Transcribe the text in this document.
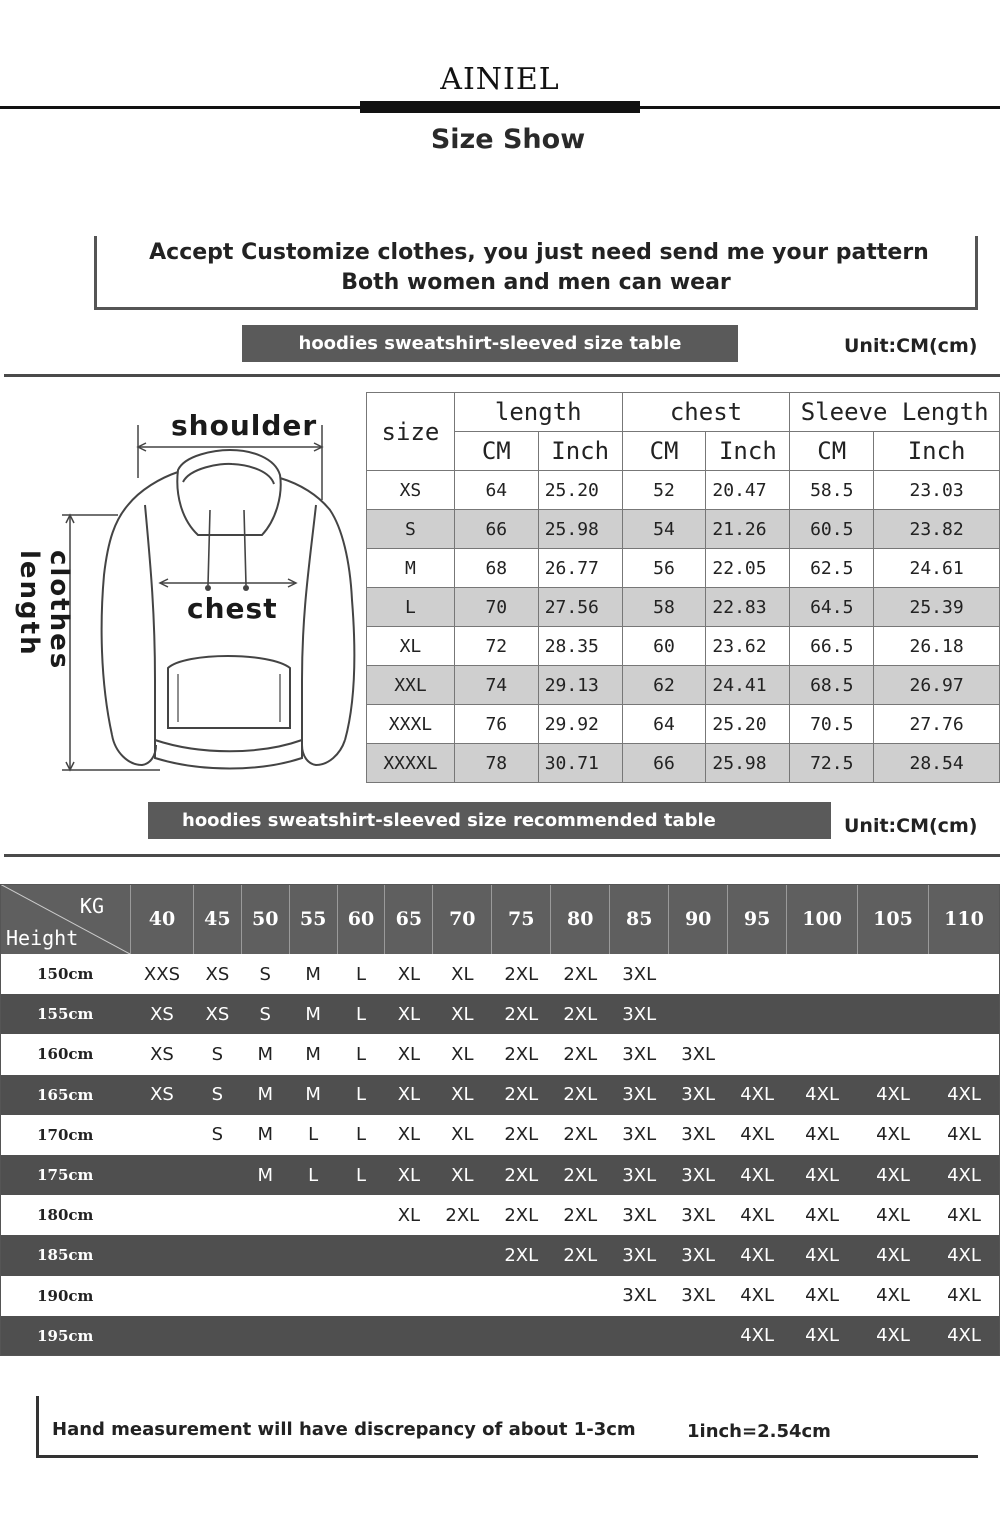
AINIEL
Size Show
Accept Customize clothes, you just need send me your pattern
Both women and men can wear
hoodies sweatshirt-sleeved size table	Unit:CM(cm)
shoulder
chest
clothes length
size	length		chest		Sleeve Length	
	CM	Inch	CM	Inch	CM	Inch
XS	64	25.20	52	20.47	58.5	23.03
S	66	25.98	54	21.26	60.5	23.82
M	68	26.77	56	22.05	62.5	24.61
L	70	27.56	58	22.83	64.5	25.39
XL	72	28.35	60	23.62	66.5	26.18
XXL	74	29.13	62	24.41	68.5	26.97
XXXL	76	29.92	64	25.20	70.5	27.76
XXXXL	78	30.71	66	25.98	72.5	28.54
hoodies sweatshirt-sleeved size recommended table	Unit:CM(cm)
KG
Height	40	45	50	55	60	65	70	75	80	85	90	95	100	105	110
150cm	XXS	XS	S	M	L	XL	XL	2XL	2XL	3XL					
155cm	XS	XS	S	M	L	XL	XL	2XL	2XL	3XL					
160cm	XS	S	M	M	L	XL	XL	2XL	2XL	3XL	3XL				
165cm	XS	S	M	M	L	XL	XL	2XL	2XL	3XL	3XL	4XL	4XL	4XL	4XL
170cm		S	M	L	L	XL	XL	2XL	2XL	3XL	3XL	4XL	4XL	4XL	4XL
175cm			M	L	L	XL	XL	2XL	2XL	3XL	3XL	4XL	4XL	4XL	4XL
180cm						XL	2XL	2XL	2XL	3XL	3XL	4XL	4XL	4XL	4XL
185cm								2XL	2XL	3XL	3XL	4XL	4XL	4XL	4XL
190cm										3XL	3XL	4XL	4XL	4XL	4XL
195cm												4XL	4XL	4XL	4XL
Hand measurement will have discrepancy of about 1-3cm	1inch=2.54cm
